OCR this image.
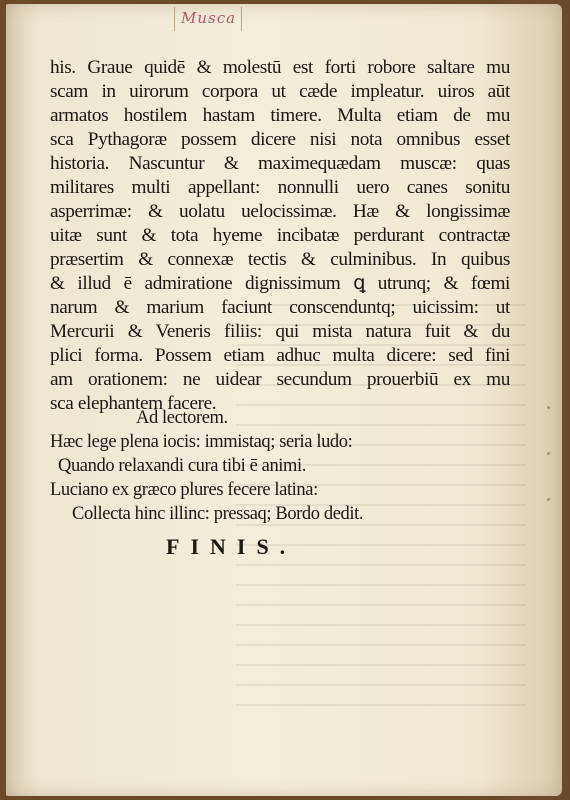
Musca
his. Graue quidē & molestū est forti robore saltare mu
scam in uirorum corpora ut cæde impleatur. uiros aūt
armatos hostilem hastam timere. Multa etiam de mu
sca Pythagoræ possem dicere nisi nota omnibus esset
historia. Nascuntur & maximequædam muscæ: quas
militares multi appellant: nonnulli uero canes sonitu
asperrimæ: & uolatu uelocissimæ. Hæ & longissimæ
uitæ sunt & tota hyeme incibatæ perdurant contractæ
præsertim & connexæ tectis & culminibus. In quibus
& illud ē admiratione dignissimum ꝗ utrunq; & fœmi
narum & marium faciunt conscenduntq; uicissim: ut
Mercurii & Veneris filiis: qui mista natura fuit & du
plici forma. Possem etiam adhuc multa dicere: sed fini
am orationem: ne uidear secundum prouerbiū ex mu
sca elephantem facere.
Ad lectorem.
Hæc lege plena iocis: immistaq; seria ludo:
Quando relaxandi cura tibi ē animi.
Luciano ex græco plures fecere latina:
Collecta hinc illinc: pressaq; Bordo dedit.
FINIS.
